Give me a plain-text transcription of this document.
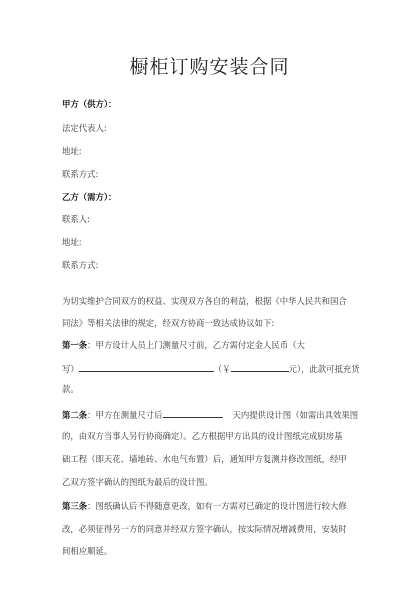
橱柜订购安装合同
甲方（供方）：
法定代表人:
地址:
联系方式:
乙方（需方）：
联系人:
地址:
联系方式:
为切实维护合同双方的权益、实现双方各自的利益，根据《中华人民共和国合
同法》等相关法律的规定，经双方协商一致达成协议如下:
第一条：甲方设计人员上门测量尺寸前，乙方需付定金人民币（大
写）	（￥	元），此款可抵充货
款。
第二条：甲方在测量尺寸后	天内提供设计图（如需出具效果图
的，由双方当事人另行协商确定）。乙方根据甲方出具的设计图纸完成厨房基
础工程（即天花、墙地砖、水电气布置）后，通知甲方复测并修改图纸，经甲
乙双方签字确认的图纸为最后的设计图。
第三条：图纸确认后不得随意更改，如有一方需对已确定的设计图进行较大修
改，必须征得另一方的同意并经双方签字确认，按实际情况增减费用，安装时
间相应顺延。
